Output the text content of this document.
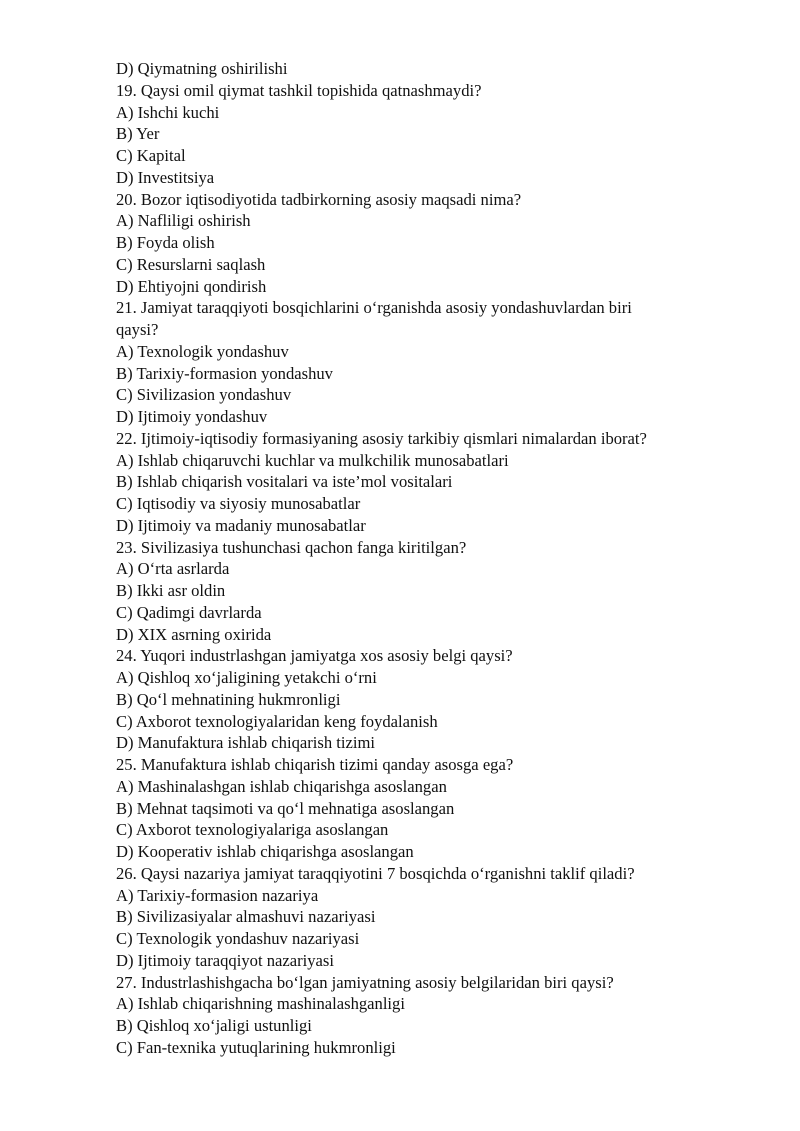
D) Qiymatning oshirilishi
19. Qaysi omil qiymat tashkil topishida qatnashmaydi?
A) Ishchi kuchi
B) Yer
C) Kapital
D) Investitsiya
20. Bozor iqtisodiyotida tadbirkorning asosiy maqsadi nima?
A) Nafliligi oshirish
B) Foyda olish
C) Resurslarni saqlash
D) Ehtiyojni qondirish
21. Jamiyat taraqqiyoti bosqichlarini o‘rganishda asosiy yondashuvlardan biri
qaysi?
A) Texnologik yondashuv
B) Tarixiy-formasion yondashuv
C) Sivilizasion yondashuv
D) Ijtimoiy yondashuv
22. Ijtimoiy-iqtisodiy formasiyaning asosiy tarkibiy qismlari nimalardan iborat?
A) Ishlab chiqaruvchi kuchlar va mulkchilik munosabatlari
B) Ishlab chiqarish vositalari va iste’mol vositalari
C) Iqtisodiy va siyosiy munosabatlar
D) Ijtimoiy va madaniy munosabatlar
23. Sivilizasiya tushunchasi qachon fanga kiritilgan?
A) O‘rta asrlarda
B) Ikki asr oldin
C) Qadimgi davrlarda
D) XIX asrning oxirida
24. Yuqori industrlashgan jamiyatga xos asosiy belgi qaysi?
A) Qishloq xo‘jaligining yetakchi o‘rni
B) Qo‘l mehnatining hukmronligi
C) Axborot texnologiyalaridan keng foydalanish
D) Manufaktura ishlab chiqarish tizimi
25. Manufaktura ishlab chiqarish tizimi qanday asosga ega?
A) Mashinalashgan ishlab chiqarishga asoslangan
B) Mehnat taqsimoti va qo‘l mehnatiga asoslangan
C) Axborot texnologiyalariga asoslangan
D) Kooperativ ishlab chiqarishga asoslangan
26. Qaysi nazariya jamiyat taraqqiyotini 7 bosqichda o‘rganishni taklif qiladi?
A) Tarixiy-formasion nazariya
B) Sivilizasiyalar almashuvi nazariyasi
C) Texnologik yondashuv nazariyasi
D) Ijtimoiy taraqqiyot nazariyasi
27. Industrlashishgacha bo‘lgan jamiyatning asosiy belgilaridan biri qaysi?
A) Ishlab chiqarishning mashinalashganligi
B) Qishloq xo‘jaligi ustunligi
C) Fan-texnika yutuqlarining hukmronligi
